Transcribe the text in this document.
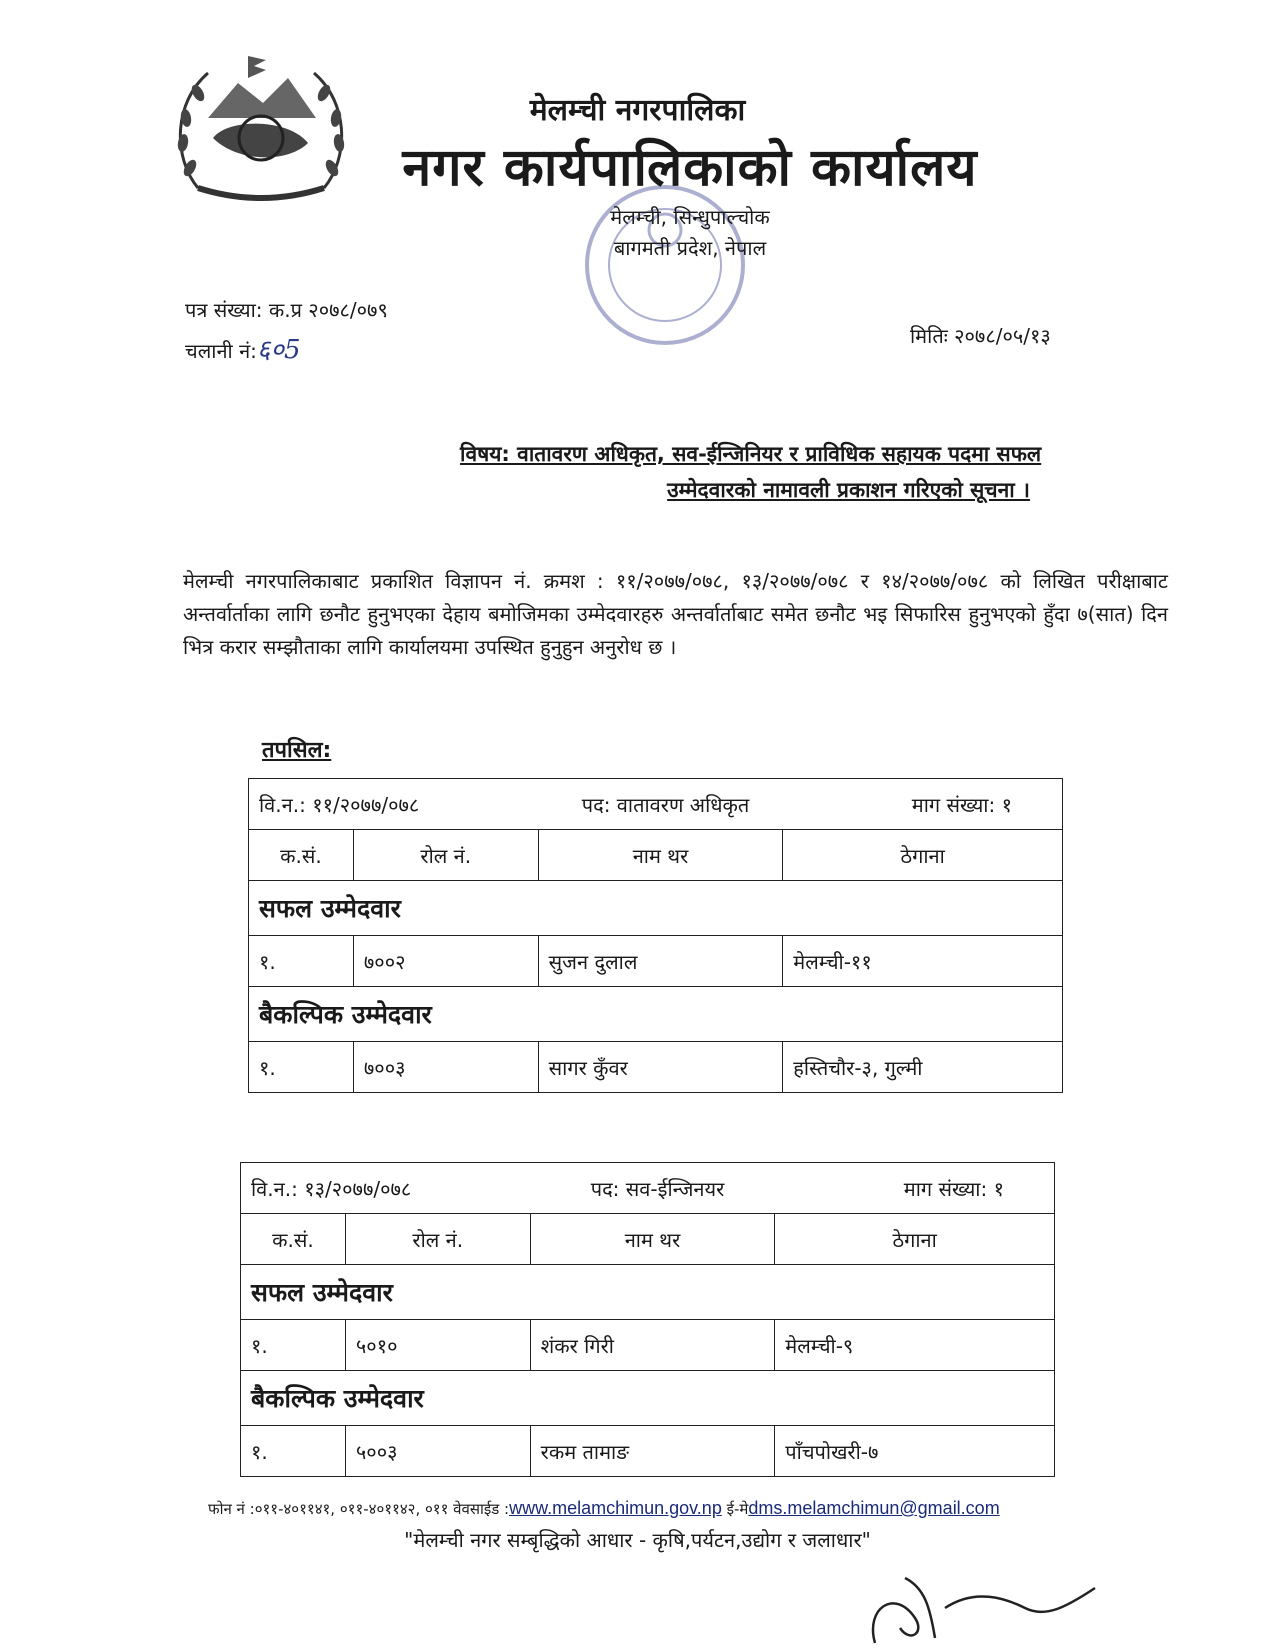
मेलम्ची नगरपालिका
नगर कार्यपालिकाको कार्यालय
मेलम्ची, सिन्धुपाल्चोक
बागमती प्रदेश, नेपाल
पत्र संख्या: क.प्र २०७८/०७९
चलानी नं:६०5	मितिः २०७८/०५/१३
विषय: वातावरण अधिकृत, सव-ईन्जिनियर र प्राविधिक सहायक पदमा सफल
उम्मेदवारको नामावली प्रकाशन गरिएको सूचना ।
मेलम्ची नगरपालिकाबाट प्रकाशित विज्ञापन नं. क्रमश : ११/२०७७/०७८, १३/२०७७/०७८ र १४/२०७७/०७८ को लिखित परीक्षाबाट अन्तर्वार्ताका लागि छनौट हुनुभएका देहाय बमोजिमका उम्मेदवारहरु अन्तर्वार्ताबाट समेत छनौट भइ सिफारिस हुनुभएको हुँदा ७(सात) दिन भित्र करार सम्झौताका लागि कार्यालयमा उपस्थित हुनुहुन अनुरोध छ ।
तपसिल:
वि.न.: ११/२०७७/०७८ पद: वातावरण अधिकृत माग संख्या: १			

क.सं.	रोल नं.	नाम थर	ठेगाना
सफल उम्मेदवार			
१.	७००२	सुजन दुलाल	मेलम्ची-११
बैकल्पिक उम्मेदवार			
१.	७००३	सागर कुँवर	हस्तिचौर-३, गुल्मी
वि.न.: १३/२०७७/०७८ पद: सव-ईन्जिनयर माग संख्या: १			

क.सं.	रोल नं.	नाम थर	ठेगाना
सफल उम्मेदवार			
१.	५०१०	शंकर गिरी	मेलम्ची-९
बैकल्पिक उम्मेदवार			
१.	५००३	रकम तामाङ	पाँचपोखरी-७
फोन नं :०११-४०११४१, ०११-४०११४२, ०११ वेवसाईड :www.melamchimun.gov.np ई-मेdms.melamchimun@gmail.com
"मेलम्ची नगर सम्बृद्धिको आधार - कृषि,पर्यटन,उद्योग र जलाधार"
